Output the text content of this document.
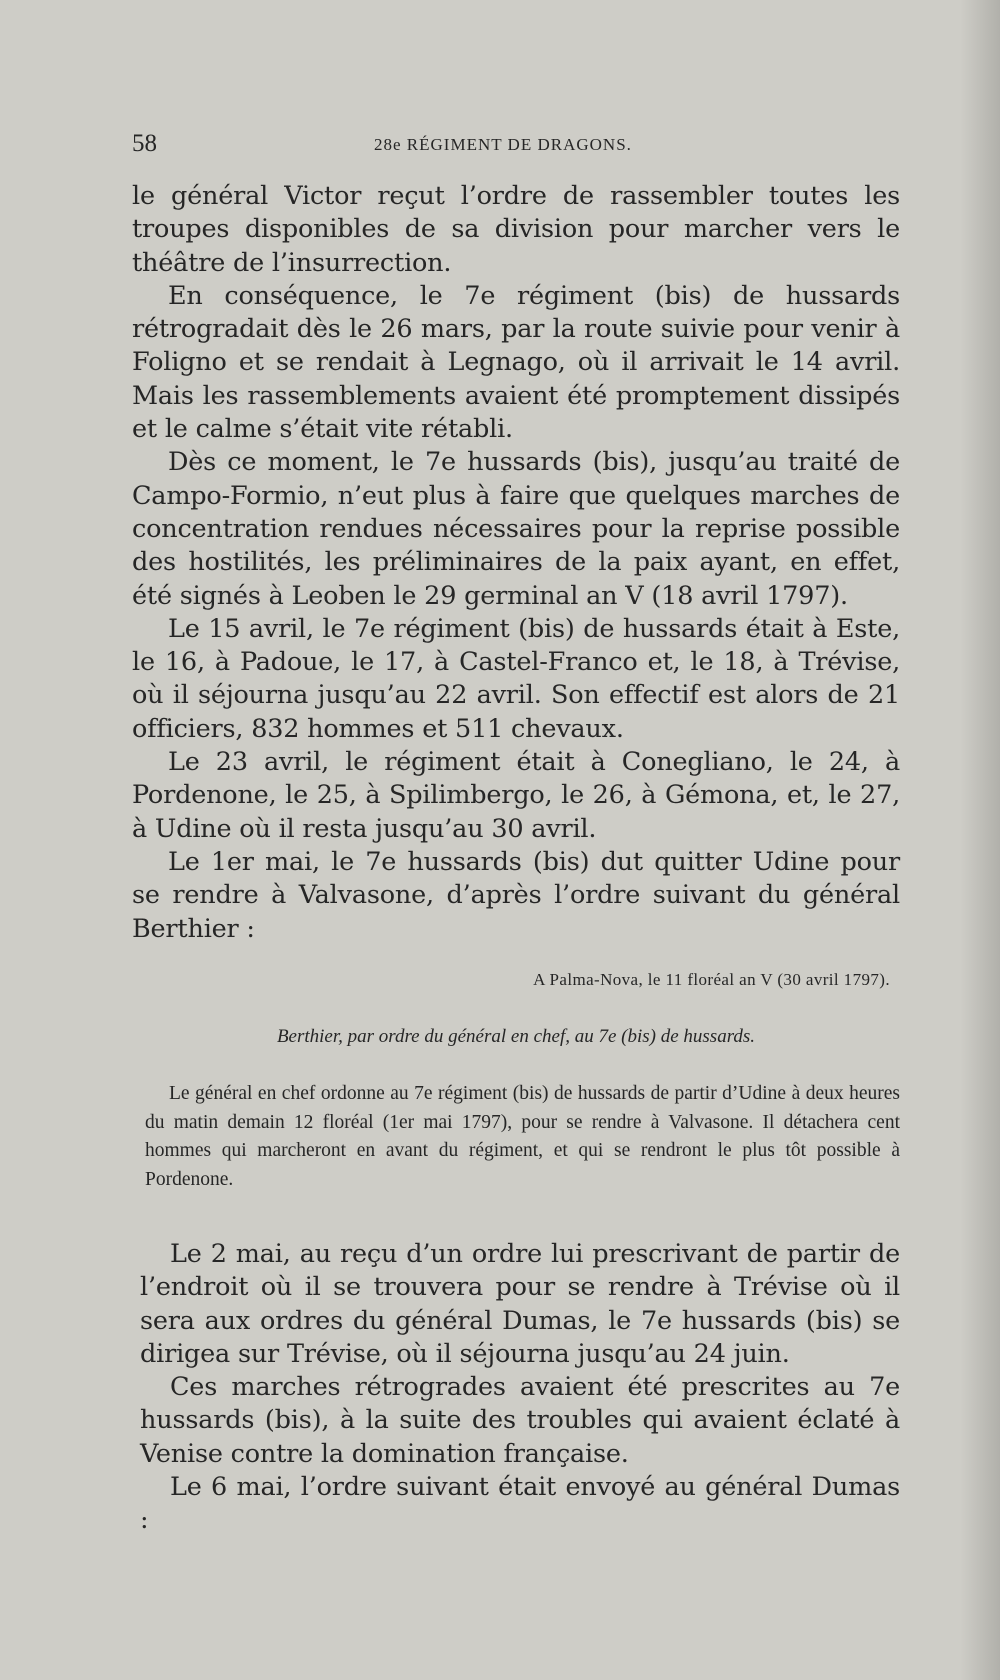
58	28e RÉGIMENT DE DRAGONS.

le général Victor reçut l’ordre de rassembler toutes les troupes disponibles de sa division pour marcher vers le théâtre de l’insurrection.

En conséquence, le 7e régiment (bis) de hussards rétrogradait dès le 26 mars, par la route suivie pour venir à Foligno et se rendait à Legnago, où il arrivait le 14 avril. Mais les rassemblements avaient été promptement dissipés et le calme s’était vite rétabli.

Dès ce moment, le 7e hussards (bis), jusqu’au traité de Campo-Formio, n’eut plus à faire que quelques marches de concentration rendues nécessaires pour la reprise possible des hostilités, les préliminaires de la paix ayant, en effet, été signés à Leoben le 29 germinal an V (18 avril 1797).

Le 15 avril, le 7e régiment (bis) de hussards était à Este, le 16, à Padoue, le 17, à Castel-Franco et, le 18, à Trévise, où il séjourna jusqu’au 22 avril. Son effectif est alors de 21 officiers, 832 hommes et 511 chevaux.

Le 23 avril, le régiment était à Conegliano, le 24, à Pordenone, le 25, à Spilimbergo, le 26, à Gémona, et, le 27, à Udine où il resta jusqu’au 30 avril.

Le 1er mai, le 7e hussards (bis) dut quitter Udine pour se rendre à Valvasone, d’après l’ordre suivant du général Berthier :

A Palma-Nova, le 11 floréal an V (30 avril 1797).
Berthier, par ordre du général en chef, au 7e (bis) de hussards.

Le général en chef ordonne au 7e régiment (bis) de hussards de partir d’Udine à deux heures du matin demain 12 floréal (1er mai 1797), pour se rendre à Valvasone. Il détachera cent hommes qui marcheront en avant du régiment, et qui se rendront le plus tôt possible à Pordenone.

Le 2 mai, au reçu d’un ordre lui prescrivant de partir de l’endroit où il se trouvera pour se rendre à Trévise où il sera aux ordres du général Dumas, le 7e hussards (bis) se dirigea sur Trévise, où il séjourna jusqu’au 24 juin.

Ces marches rétrogrades avaient été prescrites au 7e hussards (bis), à la suite des troubles qui avaient éclaté à Venise contre la domination française.

Le 6 mai, l’ordre suivant était envoyé au général Dumas :
